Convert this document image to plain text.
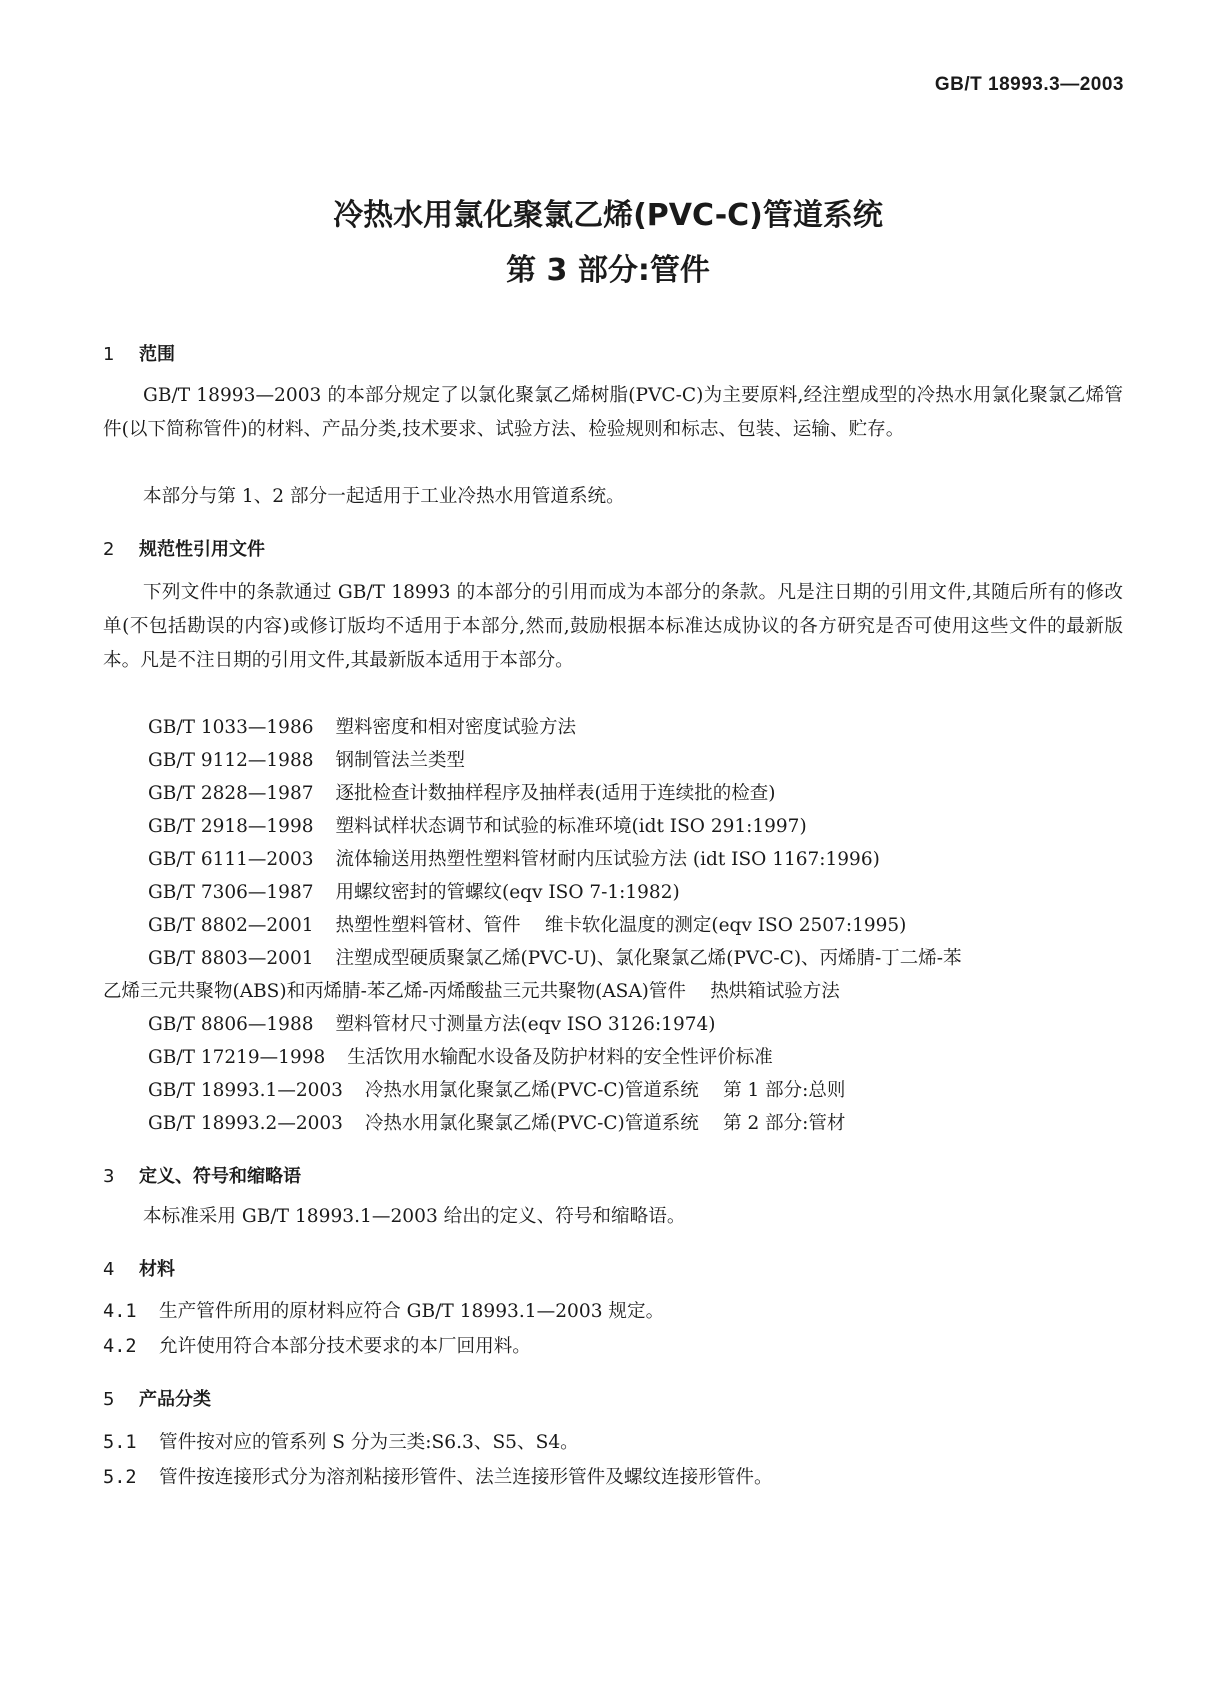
GB/T 18993.3—2003
冷热水用氯化聚氯乙烯(PVC-C)管道系统
第 3 部分:管件
1 范围
GB/T 18993—2003 的本部分规定了以氯化聚氯乙烯树脂(PVC-C)为主要原料,经注塑成型的冷热水用氯化聚氯乙烯管件(以下简称管件)的材料、产品分类,技术要求、试验方法、检验规则和标志、包装、运输、贮存。
本部分与第 1、2 部分一起适用于工业冷热水用管道系统。
2 规范性引用文件
下列文件中的条款通过 GB/T 18993 的本部分的引用而成为本部分的条款。凡是注日期的引用文件,其随后所有的修改单(不包括勘误的内容)或修订版均不适用于本部分,然而,鼓励根据本标准达成协议的各方研究是否可使用这些文件的最新版本。凡是不注日期的引用文件,其最新版本适用于本部分。
GB/T 1033—1986 塑料密度和相对密度试验方法
GB/T 9112—1988 钢制管法兰类型
GB/T 2828—1987 逐批检查计数抽样程序及抽样表(适用于连续批的检查)
GB/T 2918—1998 塑料试样状态调节和试验的标准环境(idt ISO 291:1997)
GB/T 6111—2003 流体输送用热塑性塑料管材耐内压试验方法 (idt ISO 1167:1996)
GB/T 7306—1987 用螺纹密封的管螺纹(eqv ISO 7-1:1982)
GB/T 8802—2001 热塑性塑料管材、管件　 维卡软化温度的测定(eqv ISO 2507:1995)
GB/T 8803—2001 注塑成型硬质聚氯乙烯(PVC-U)、氯化聚氯乙烯(PVC-C)、丙烯腈-丁二烯-苯
乙烯三元共聚物(ABS)和丙烯腈-苯乙烯-丙烯酸盐三元共聚物(ASA)管件　 热烘箱试验方法
GB/T 8806—1988 塑料管材尺寸测量方法(eqv ISO 3126:1974)
GB/T 17219—1998 生活饮用水输配水设备及防护材料的安全性评价标准
GB/T 18993.1—2003 冷热水用氯化聚氯乙烯(PVC-C)管道系统　 第 1 部分:总则
GB/T 18993.2—2003 冷热水用氯化聚氯乙烯(PVC-C)管道系统　 第 2 部分:管材
3 定义、符号和缩略语
本标准采用 GB/T 18993.1—2003 给出的定义、符号和缩略语。
4 材料
4.1 生产管件所用的原材料应符合 GB/T 18993.1—2003 规定。
4.2 允许使用符合本部分技术要求的本厂回用料。
5 产品分类
5.1 管件按对应的管系列 S 分为三类:S6.3、S5、S4。
5.2 管件按连接形式分为溶剂粘接形管件、法兰连接形管件及螺纹连接形管件。
